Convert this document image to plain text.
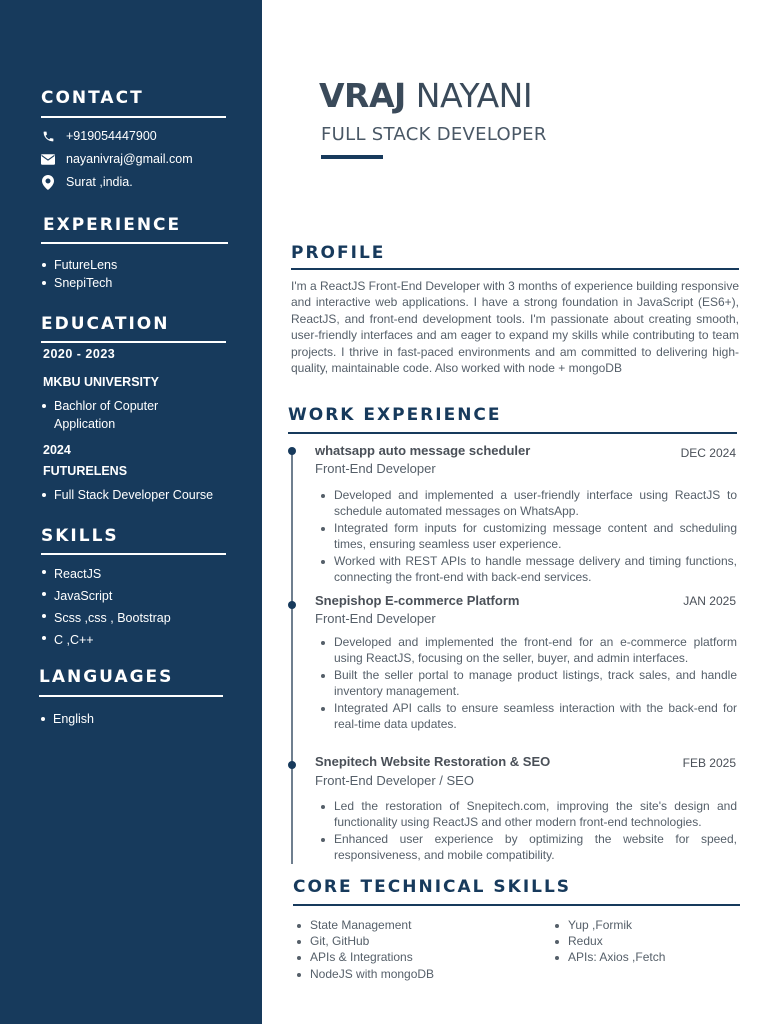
CONTACT
+919054447900
nayanivraj@gmail.com
Surat ,india.
EXPERIENCE
FutureLens
SnepiTech
EDUCATION
2020 - 2023
MKBU UNIVERSITY
Bachlor of Coputer Application
2024
FUTURELENS
Full Stack Developer Course
SKILLS
ReactJS
JavaScript
Scss ,css , Bootstrap
C ,C++
LANGUAGES
English
VRAJ NAYANI
FULL STACK DEVELOPER
PROFILE

I'm a ReactJS Front-End Developer with 3 months of experience building responsive and interactive web applications. I have a strong foundation in JavaScript (ES6+), ReactJS, and front-end development tools. I'm passionate about creating smooth, user-friendly interfaces and am eager to expand my skills while contributing to team projects. I thrive in fast-paced environments and am committed to delivering high-quality, maintainable code. Also worked with node + mongoDB

WORK EXPERIENCE
whatsapp auto message scheduler	DEC 2024
Front-End Developer
Developed and implemented a user-friendly interface using ReactJS to schedule automated messages on WhatsApp.
Integrated form inputs for customizing message content and scheduling times, ensuring seamless user experience.
Worked with REST APIs to handle message delivery and timing functions, connecting the front-end with back-end services.
Snepishop E-commerce Platform	JAN 2025
Front-End Developer
Developed and implemented the front-end for an e-commerce platform using ReactJS, focusing on the seller, buyer, and admin interfaces.
Built the seller portal to manage product listings, track sales, and handle inventory management.
Integrated API calls to ensure seamless interaction with the back-end for real-time data updates.
Snepitech Website Restoration & SEO	FEB 2025
Front-End Developer / SEO
Led the restoration of Snepitech.com, improving the site's design and functionality using ReactJS and other modern front-end technologies.
Enhanced user experience by optimizing the website for speed, responsiveness, and mobile compatibility.
CORE TECHNICAL SKILLS
State Management
Git, GitHub
APIs & Integrations
NodeJS with mongoDB
Yup ,Formik
Redux
APIs: Axios ,Fetch
